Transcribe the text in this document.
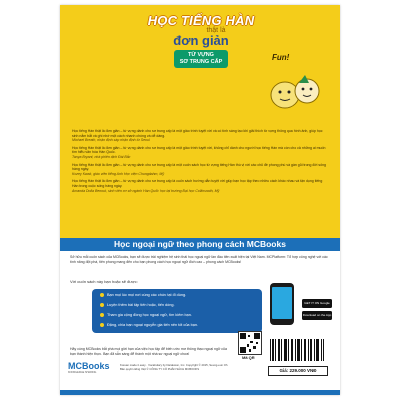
HỌC TIẾNG HÀN
thật là
đơn giản
TỪ VỰNG
SƠ TRUNG CẤP	Fun!
Học tiếng Hàn thật là đơn giản – từ vựng dành cho sơ trung cấp là một giáo trình tuyệt vời và có tính sáng tạo khi giải thích từ vựng thông qua hình ảnh, giúp học sinh nắm bắt và ghi nhớ một cách nhanh chóng và dễ dàng.
Michael Breath, nhận định sáp nhận định từ Seoul
Học tiếng Hàn thật là đơn giản – từ vựng dành cho sơ trung cấp là một giáo trình tuyệt vời, không chỉ dành cho người học tiếng Hàn mà còn cho cả những ai muốn tìm hiểu văn hóa Hàn Quốc.
Tanya Bryant, nhà phiên dịch Đài Bắc
Học tiếng Hàn thật là đơn giản – từ vựng dành cho sơ trung cấp là một cuốn sách học từ vựng tiếng Hàn thú vị với các chủ đề phong phú và gần gũi trong đời sống hàng ngày.
Kozey Kwak, giáo viên tiếng Anh Học viện Chungdahm, Mỹ
Học tiếng Hàn thật là đơn giản – từ vựng dành cho sơ trung cấp là cuốn sách hướng dẫn tuyệt vời giúp bạn học tập theo nhiều cách khác nhau và tận dụng tiếng Hàn trong cuộc sống hàng ngày.
Amanda Dolla Benout, sinh viên cơ sở ngành Hàn Quốc học tại trường Đại học Collinsnath, Mỹ
Học ngoại ngữ theo phong cách MCBooks
Sở hữu mỗi cuốn sách của MCBooks, bạn sẽ được trải nghiệm hệ sinh thái học ngoại ngữ lần đầu tiên xuất hiện tại Việt Nam. MCPlatform: Tổ hợp công nghệ với các tính năng đột phá, tiên phong mang đến cho bạn phong cách học ngoại ngữ đích cao – phong cách MCBooks!
Với cuốn sách này bạn hoặc sẽ được:
Bạn mọi lúc mọi nơi cùng các chức tạt đi dùng.
Luyện thêm bài tập tiến hoặc, tiến dòng.
Tham gia cộng đồng học ngoại ngữ, tìm kiếm bạn.
Đặng, chia bạn ngoại nguyễn gia tiến nên tốt của bạn.
GET IT ON Google
Download on the App Store
Hãy cùng MCBooks bắt phá mọi giới hạn của việc học tập để biến ước mơ thông thạo ngoại ngữ của bạn thành hiện thực. Bạn đã sẵn sàng để thành một nhà sư ngoại ngữ chưa!
MCBooks
KNOWLEDGE SHARING
Korean made it easy · Vocabulary by Darakwon, Inc. Copyright © 2015, Seung-eun Oh
Bản quyền tiếng Việt © CÔNG TY CỔ PHẦN SÁCH MCBOOKS
Mã QR
Giá: 229.000 VNĐ
